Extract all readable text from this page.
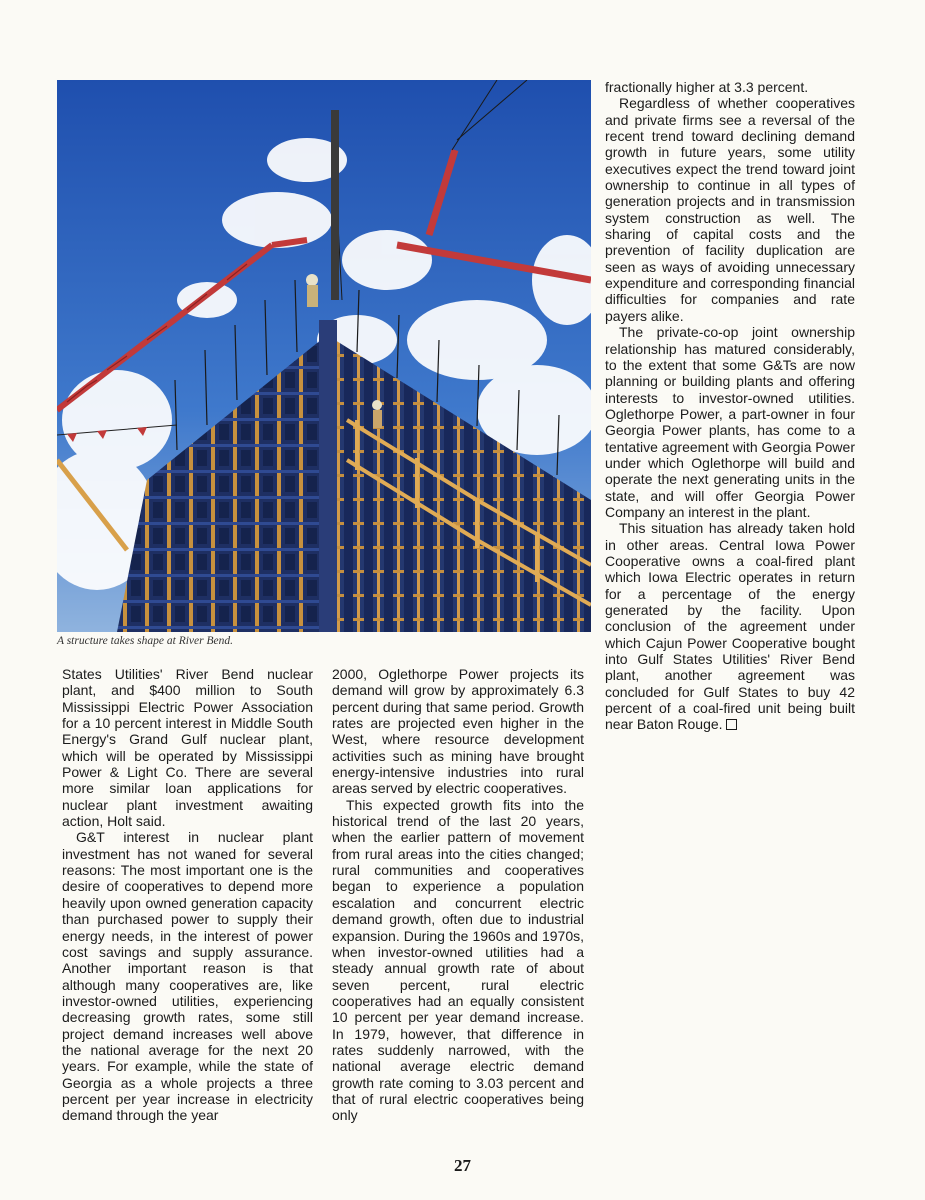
A structure takes shape at River Bend.

States Utilities' River Bend nuclear plant, and $400 million to South Mississippi Electric Power Association for a 10 percent interest in Middle South Energy's Grand Gulf nuclear plant, which will be operated by Mississippi Power & Light Co. There are several more similar loan applications for nuclear plant investment awaiting action, Holt said.

G&T interest in nuclear plant investment has not waned for several reasons: The most important one is the desire of cooperatives to depend more heavily upon owned generation capacity than purchased power to supply their energy needs, in the interest of power cost savings and supply assurance. Another important reason is that although many cooperatives are, like investor-owned utilities, experiencing decreasing growth rates, some still project demand increases well above the national average for the next 20 years. For example, while the state of Georgia as a whole projects a three percent per year increase in electricity demand through the year

2000, Oglethorpe Power projects its demand will grow by approximately 6.3 percent during that same period. Growth rates are projected even higher in the West, where resource development activities such as mining have brought energy-intensive industries into rural areas served by electric cooperatives.

This expected growth fits into the historical trend of the last 20 years, when the earlier pattern of movement from rural areas into the cities changed; rural communities and cooperatives began to experience a population escalation and concurrent electric demand growth, often due to industrial expansion. During the 1960s and 1970s, when investor-owned utilities had a steady annual growth rate of about seven percent, rural electric cooperatives had an equally consistent 10 percent per year demand increase. In 1979, however, that difference in rates suddenly narrowed, with the national average electric demand growth rate coming to 3.03 percent and that of rural electric cooperatives being only

fractionally higher at 3.3 percent.

Regardless of whether cooperatives and private firms see a reversal of the recent trend toward declining demand growth in future years, some utility executives expect the trend toward joint ownership to continue in all types of generation projects and in transmission system construction as well. The sharing of capital costs and the prevention of facility duplication are seen as ways of avoiding unnecessary expenditure and corresponding financial difficulties for companies and rate payers alike.

The private-co-op joint ownership relationship has matured considerably, to the extent that some G&Ts are now planning or building plants and offering interests to investor-owned utilities. Oglethorpe Power, a part-owner in four Georgia Power plants, has come to a tentative agreement with Georgia Power under which Oglethorpe will build and operate the next generating units in the state, and will offer Georgia Power Company an interest in the plant.

This situation has already taken hold in other areas. Central Iowa Power Cooperative owns a coal-fired plant which Iowa Electric operates in return for a percentage of the energy generated by the facility. Upon conclusion of the agreement under which Cajun Power Cooperative bought into Gulf States Utilities' River Bend plant, another agreement was concluded for Gulf States to buy 42 percent of a coal-fired unit being built near Baton Rouge.

27
